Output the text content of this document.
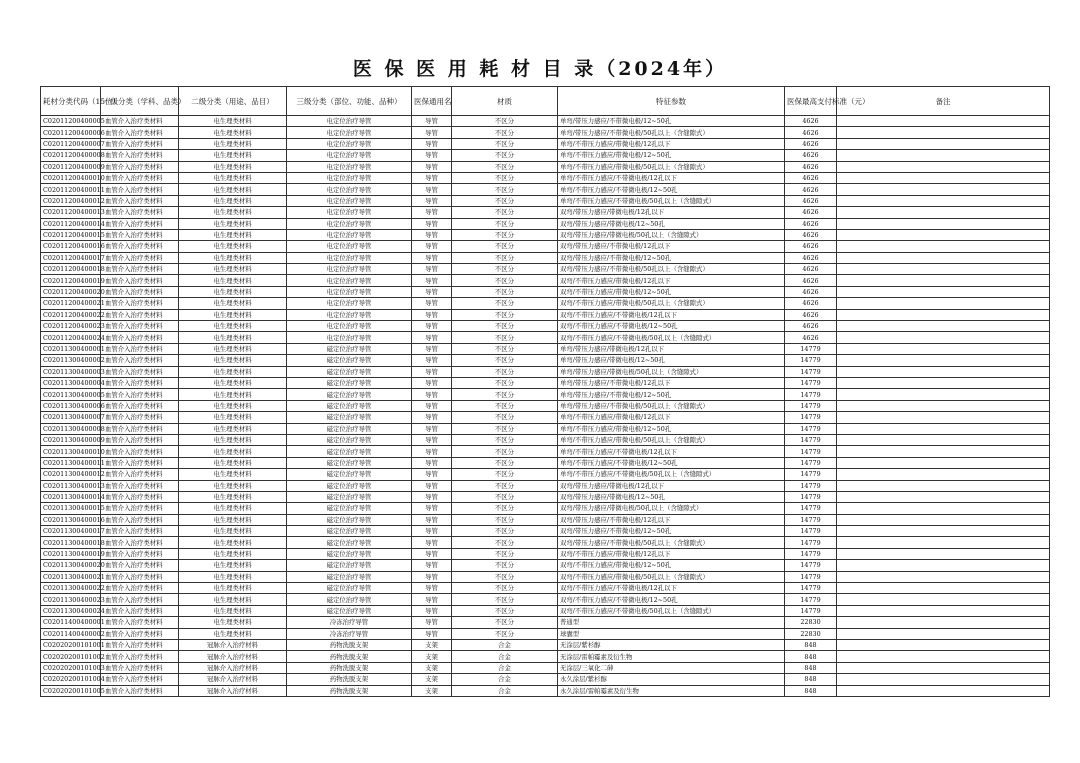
医 保 医 用 耗 材 目 录（2024年）
耗材分类代码（15位）	一级分类（学科、品类）	二级分类（用途、品目）	三级分类（部位、功能、品种）	医保通用名	材质	特征参数	医保最高支付标准（元）	备注
C02011200400005	血管介入治疗类材料	电生理类材料	电定位治疗导管	导管	不区分	单弯/带压力感应/不带微电极/12~50孔	4626	
C02011200400006	血管介入治疗类材料	电生理类材料	电定位治疗导管	导管	不区分	单弯/带压力感应/不带微电极/50孔以上（含缝隙式）	4626	
C02011200400007	血管介入治疗类材料	电生理类材料	电定位治疗导管	导管	不区分	单弯/不带压力感应/带微电极/12孔以下	4626	
C02011200400008	血管介入治疗类材料	电生理类材料	电定位治疗导管	导管	不区分	单弯/不带压力感应/带微电极/12~50孔	4626	
C02011200400009	血管介入治疗类材料	电生理类材料	电定位治疗导管	导管	不区分	单弯/不带压力感应/带微电极/50孔以上（含缝隙式）	4626	
C02011200400010	血管介入治疗类材料	电生理类材料	电定位治疗导管	导管	不区分	单弯/不带压力感应/不带微电极/12孔以下	4626	
C02011200400011	血管介入治疗类材料	电生理类材料	电定位治疗导管	导管	不区分	单弯/不带压力感应/不带微电极/12~50孔	4626	
C02011200400012	血管介入治疗类材料	电生理类材料	电定位治疗导管	导管	不区分	单弯/不带压力感应/不带微电极/50孔以上（含缝隙式）	4626	
C02011200400013	血管介入治疗类材料	电生理类材料	电定位治疗导管	导管	不区分	双弯/带压力感应/带微电极/12孔以下	4626	
C02011200400014	血管介入治疗类材料	电生理类材料	电定位治疗导管	导管	不区分	双弯/带压力感应/带微电极/12~50孔	4626	
C02011200400015	血管介入治疗类材料	电生理类材料	电定位治疗导管	导管	不区分	双弯/带压力感应/带微电极/50孔以上（含缝隙式）	4626	
C02011200400016	血管介入治疗类材料	电生理类材料	电定位治疗导管	导管	不区分	双弯/带压力感应/不带微电极/12孔以下	4626	
C02011200400017	血管介入治疗类材料	电生理类材料	电定位治疗导管	导管	不区分	双弯/带压力感应/不带微电极/12~50孔	4626	
C02011200400018	血管介入治疗类材料	电生理类材料	电定位治疗导管	导管	不区分	双弯/带压力感应/不带微电极/50孔以上（含缝隙式）	4626	
C02011200400019	血管介入治疗类材料	电生理类材料	电定位治疗导管	导管	不区分	双弯/不带压力感应/带微电极/12孔以下	4626	
C02011200400020	血管介入治疗类材料	电生理类材料	电定位治疗导管	导管	不区分	双弯/不带压力感应/带微电极/12~50孔	4626	
C02011200400021	血管介入治疗类材料	电生理类材料	电定位治疗导管	导管	不区分	双弯/不带压力感应/带微电极/50孔以上（含缝隙式）	4626	
C02011200400022	血管介入治疗类材料	电生理类材料	电定位治疗导管	导管	不区分	双弯/不带压力感应/不带微电极/12孔以下	4626	
C02011200400023	血管介入治疗类材料	电生理类材料	电定位治疗导管	导管	不区分	双弯/不带压力感应/不带微电极/12~50孔	4626	
C02011200400024	血管介入治疗类材料	电生理类材料	电定位治疗导管	导管	不区分	双弯/不带压力感应/不带微电极/50孔以上（含缝隙式）	4626	
C02011300400001	血管介入治疗类材料	电生理类材料	磁定位治疗导管	导管	不区分	单弯/带压力感应/带微电极/12孔以下	14779	
C02011300400002	血管介入治疗类材料	电生理类材料	磁定位治疗导管	导管	不区分	单弯/带压力感应/带微电极/12~50孔	14779	
C02011300400003	血管介入治疗类材料	电生理类材料	磁定位治疗导管	导管	不区分	单弯/带压力感应/带微电极/50孔以上（含缝隙式）	14779	
C02011300400004	血管介入治疗类材料	电生理类材料	磁定位治疗导管	导管	不区分	单弯/带压力感应/不带微电极/12孔以下	14779	
C02011300400005	血管介入治疗类材料	电生理类材料	磁定位治疗导管	导管	不区分	单弯/带压力感应/不带微电极/12~50孔	14779	
C02011300400006	血管介入治疗类材料	电生理类材料	磁定位治疗导管	导管	不区分	单弯/带压力感应/不带微电极/50孔以上（含缝隙式）	14779	
C02011300400007	血管介入治疗类材料	电生理类材料	磁定位治疗导管	导管	不区分	单弯/不带压力感应/带微电极/12孔以下	14779	
C02011300400008	血管介入治疗类材料	电生理类材料	磁定位治疗导管	导管	不区分	单弯/不带压力感应/带微电极/12~50孔	14779	
C02011300400009	血管介入治疗类材料	电生理类材料	磁定位治疗导管	导管	不区分	单弯/不带压力感应/带微电极/50孔以上（含缝隙式）	14779	
C02011300400010	血管介入治疗类材料	电生理类材料	磁定位治疗导管	导管	不区分	单弯/不带压力感应/不带微电极/12孔以下	14779	
C02011300400011	血管介入治疗类材料	电生理类材料	磁定位治疗导管	导管	不区分	单弯/不带压力感应/不带微电极/12~50孔	14779	
C02011300400012	血管介入治疗类材料	电生理类材料	磁定位治疗导管	导管	不区分	单弯/不带压力感应/不带微电极/50孔以上（含缝隙式）	14779	
C02011300400013	血管介入治疗类材料	电生理类材料	磁定位治疗导管	导管	不区分	双弯/带压力感应/带微电极/12孔以下	14779	
C02011300400014	血管介入治疗类材料	电生理类材料	磁定位治疗导管	导管	不区分	双弯/带压力感应/带微电极/12~50孔	14779	
C02011300400015	血管介入治疗类材料	电生理类材料	磁定位治疗导管	导管	不区分	双弯/带压力感应/带微电极/50孔以上（含缝隙式）	14779	
C02011300400016	血管介入治疗类材料	电生理类材料	磁定位治疗导管	导管	不区分	双弯/带压力感应/不带微电极/12孔以下	14779	
C02011300400017	血管介入治疗类材料	电生理类材料	磁定位治疗导管	导管	不区分	双弯/带压力感应/不带微电极/12~50孔	14779	
C02011300400018	血管介入治疗类材料	电生理类材料	磁定位治疗导管	导管	不区分	双弯/带压力感应/不带微电极/50孔以上（含缝隙式）	14779	
C02011300400019	血管介入治疗类材料	电生理类材料	磁定位治疗导管	导管	不区分	双弯/不带压力感应/带微电极/12孔以下	14779	
C02011300400020	血管介入治疗类材料	电生理类材料	磁定位治疗导管	导管	不区分	双弯/不带压力感应/带微电极/12~50孔	14779	
C02011300400021	血管介入治疗类材料	电生理类材料	磁定位治疗导管	导管	不区分	双弯/不带压力感应/带微电极/50孔以上（含缝隙式）	14779	
C02011300400022	血管介入治疗类材料	电生理类材料	磁定位治疗导管	导管	不区分	双弯/不带压力感应/不带微电极/12孔以下	14779	
C02011300400023	血管介入治疗类材料	电生理类材料	磁定位治疗导管	导管	不区分	双弯/不带压力感应/不带微电极/12~50孔	14779	
C02011300400024	血管介入治疗类材料	电生理类材料	磁定位治疗导管	导管	不区分	双弯/不带压力感应/不带微电极/50孔以上（含缝隙式）	14779	
C02011400400001	血管介入治疗类材料	电生理类材料	冷冻治疗导管	导管	不区分	普通型	22830	
C02011400400002	血管介入治疗类材料	电生理类材料	冷冻治疗导管	导管	不区分	球囊型	22830	
C02020200101001	血管介入治疗类材料	冠脉介入治疗材料	药物洗脱支架	支架	合金	无涂层/紫杉醇	848	
C02020200101002	血管介入治疗类材料	冠脉介入治疗材料	药物洗脱支架	支架	合金	无涂层/雷帕霉素及衍生物	848	
C02020200101003	血管介入治疗类材料	冠脉介入治疗材料	药物洗脱支架	支架	合金	无涂层/三氧化二砷	848	
C02020200101004	血管介入治疗类材料	冠脉介入治疗材料	药物洗脱支架	支架	合金	永久涂层/紫杉醇	848	
C02020200101005	血管介入治疗类材料	冠脉介入治疗材料	药物洗脱支架	支架	合金	永久涂层/雷帕霉素及衍生物	848	
